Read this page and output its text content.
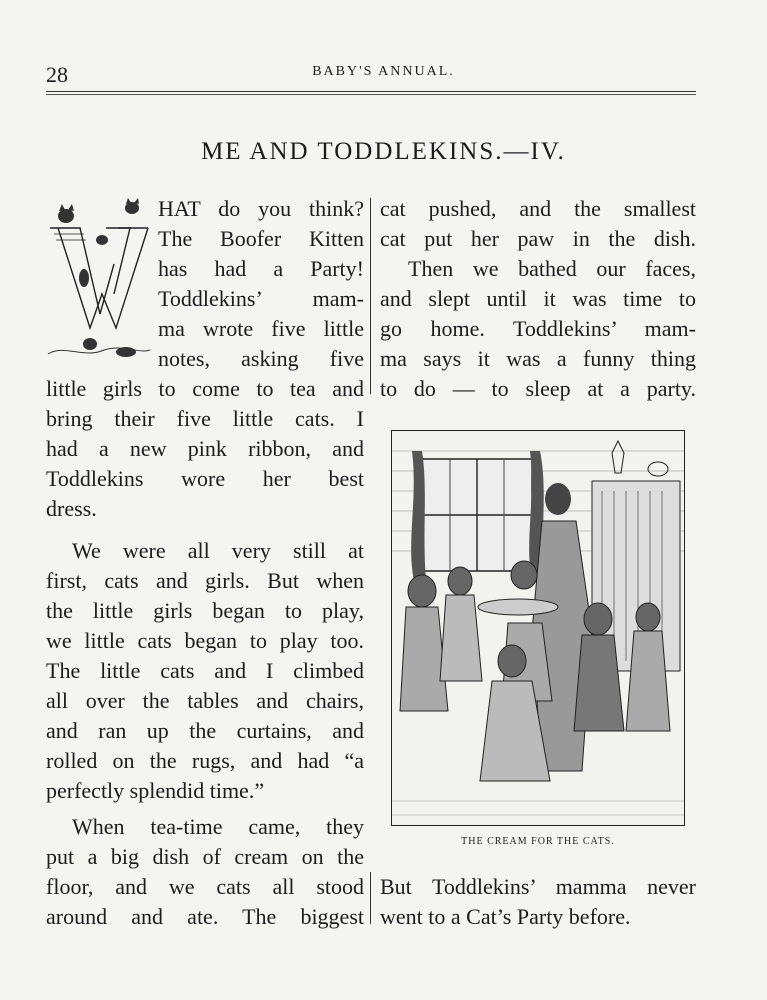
28	BABY'S ANNUAL.
ME AND TODDLEKINS.—IV.
HAT do you think?
The Boofer Kitten
has had a Party!
Toddlekins’ mam-
ma wrote five little
notes, asking five
little girls to come to tea and
bring their five little cats. I
had a new pink ribbon, and
Toddlekins wore her best
dress.
We were all very still at
first, cats and girls. But when
the little girls began to play,
we little cats began to play too.
The little cats and I climbed
all over the tables and chairs,
and ran up the curtains, and
rolled on the rugs, and had “a
perfectly splendid time.”
When tea-time came, they
put a big dish of cream on the
floor, and we cats all stood
around and ate. The biggest
cat pushed, and the smallest
cat put her paw in the dish.
Then we bathed our faces,
and slept until it was time to
go home. Toddlekins’ mam-
ma says it was a funny thing
to do — to sleep at a party.
THE CREAM FOR THE CATS.
But Toddlekins’ mamma never
went to a Cat’s Party before.
